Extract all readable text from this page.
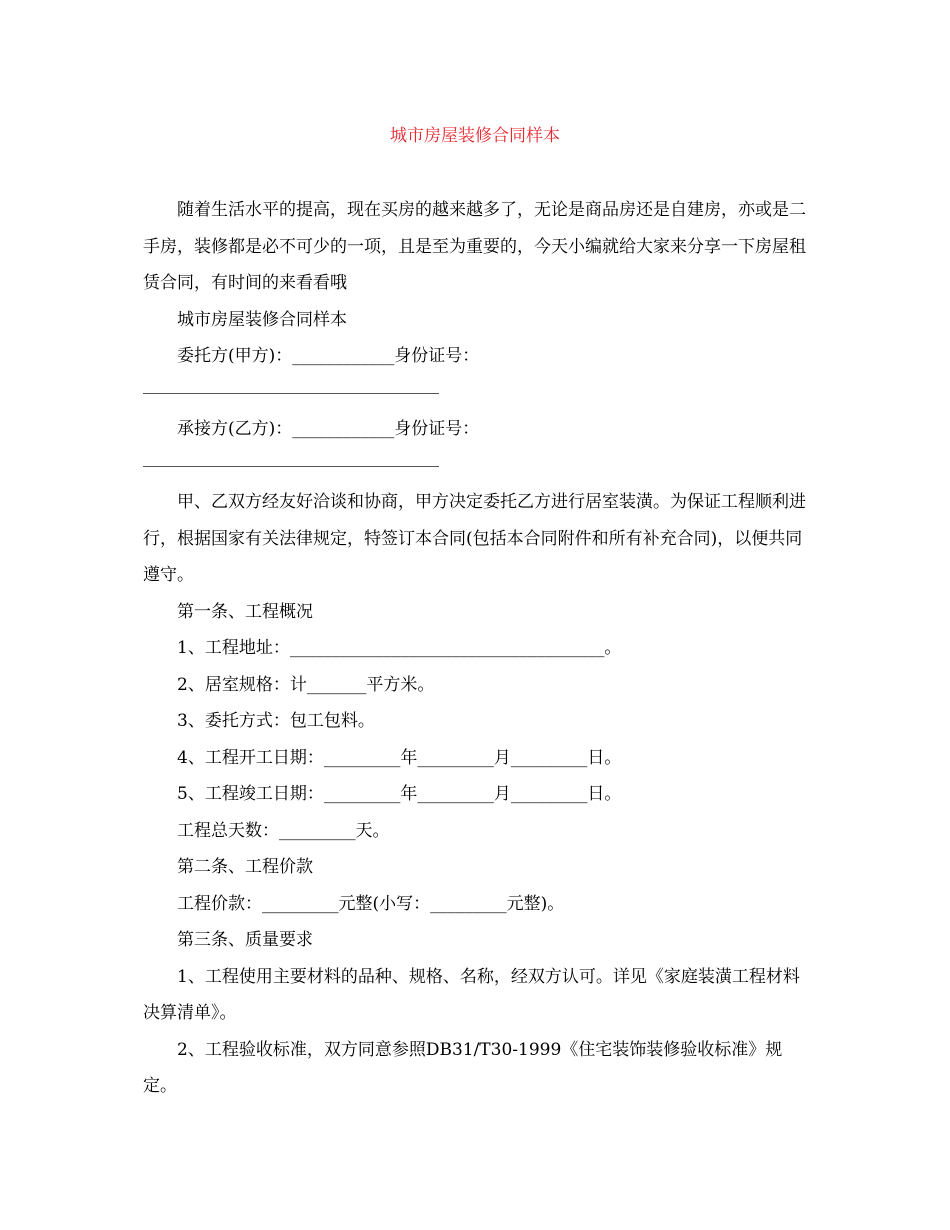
城市房屋装修合同样本

随着生活水平的提高，现在买房的越来越多了，无论是商品房还是自建房，亦或是二手房，装修都是必不可少的一项，且是至为重要的，今天小编就给大家来分享一下房屋租赁合同，有时间的来看看哦

城市房屋装修合同样本

委托方(甲方)：____________身份证号：

承接方(乙方)：____________身份证号：

甲、乙双方经友好洽谈和协商，甲方决定委托乙方进行居室装潢。为保证工程顺利进行，根据国家有关法律规定，特签订本合同(包括本合同附件和所有补充合同)，以便共同遵守。

第一条、工程概况

1、工程地址：_____________________________________。

2、居室规格：计_______平方米。

3、委托方式：包工包料。

4、工程开工日期：_________年_________月_________日。

5、工程竣工日期：_________年_________月_________日。

工程总天数：_________天。

第二条、工程价款

工程价款：_________元整(小写：_________元整)。

第三条、质量要求

1、工程使用主要材料的品种、规格、名称，经双方认可。详见《家庭装潢工程材料决算清单》。

2、工程验收标准，双方同意参照DB31/T30-1999《住宅装饰装修验收标准》规定。
